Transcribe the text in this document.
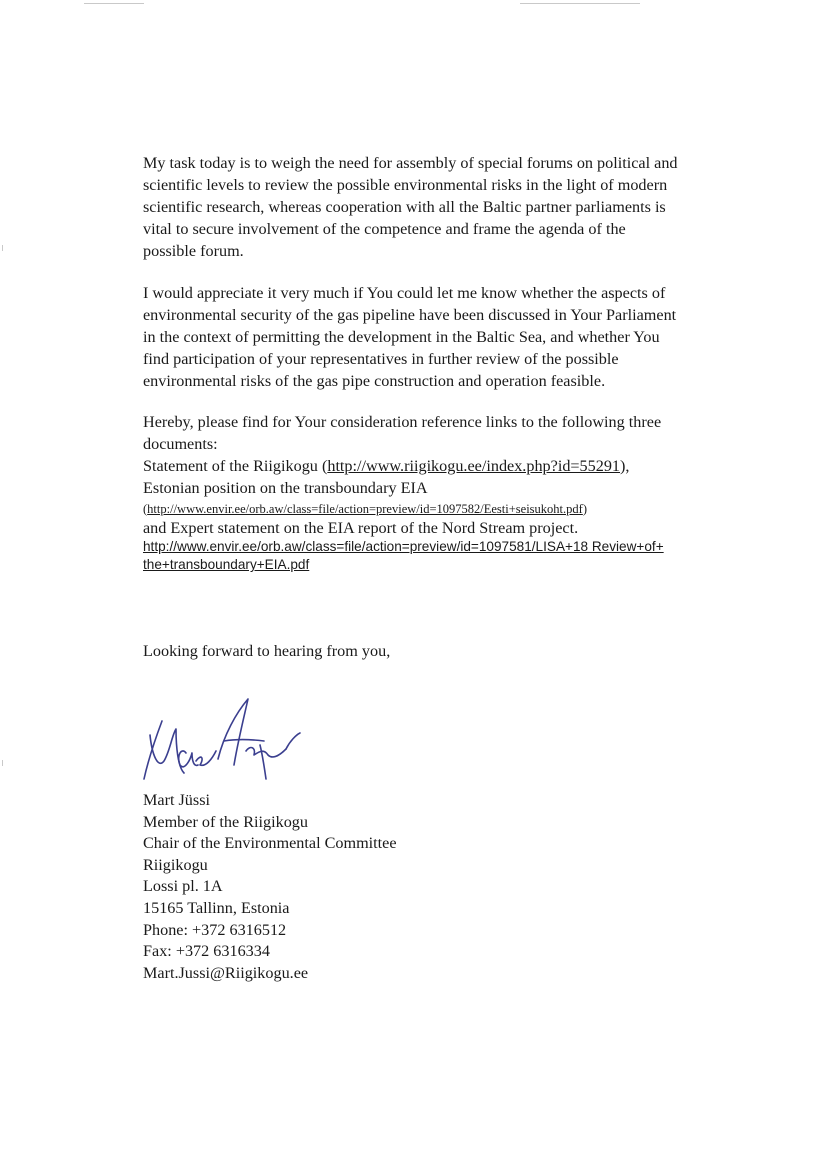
My task today is to weigh the need for assembly of special forums on political and
scientific levels to review the possible environmental risks in the light of modern
scientific research, whereas cooperation with all the Baltic partner parliaments is
vital to secure involvement of the competence and frame the agenda of the
possible forum.

I would appreciate it very much if You could let me know whether the aspects of
environmental security of the gas pipeline have been discussed in Your Parliament
in the context of permitting the development in the Baltic Sea, and whether You
find participation of your representatives in further review of the possible
environmental risks of the gas pipe construction and operation feasible.

Hereby, please find for Your consideration reference links to the following three
documents:
Statement of the Riigikogu (http://www.riigikogu.ee/index.php?id=55291),
Estonian position on the transboundary EIA
(http://www.envir.ee/orb.aw/class=file/action=preview/id=1097582/Eesti+seisukoht.pdf)
and Expert statement on the EIA report of the Nord Stream project.
http://www.envir.ee/orb.aw/class=file/action=preview/id=1097581/LISA+18 Review+of+
the+transboundary+EIA.pdf

Looking forward to hearing from you,

Mart Jüssi
Member of the Riigikogu
Chair of the Environmental Committee
Riigikogu
Lossi pl. 1A
15165 Tallinn, Estonia
Phone: +372 6316512
Fax: +372 6316334
Mart.Jussi@Riigikogu.ee
